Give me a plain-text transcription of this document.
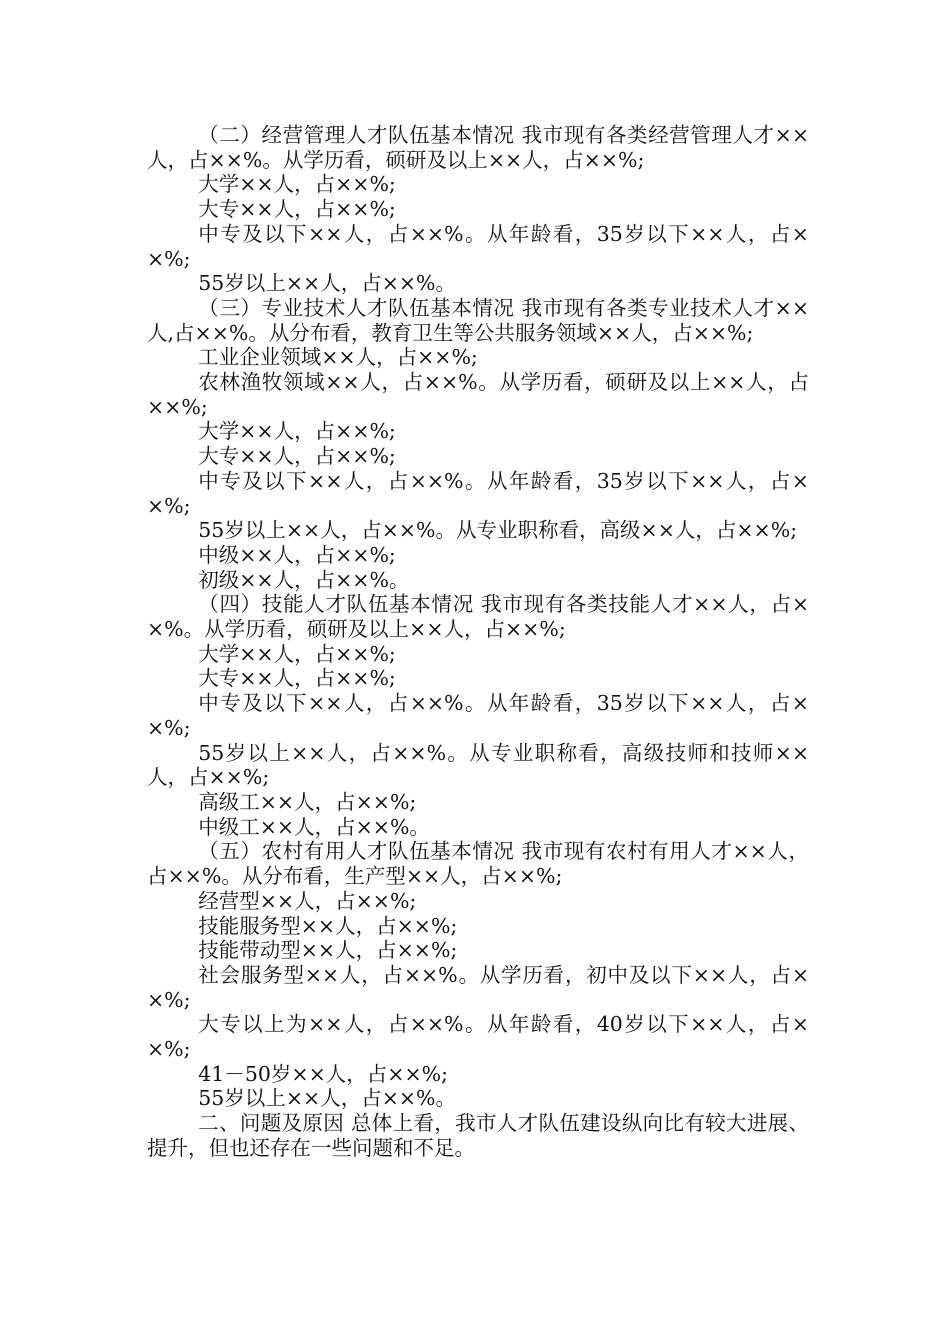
（二）经营管理人才队伍基本情况 我市现有各类经营管理人才××人，占××%。从学历看，硕研及以上××人，占××%;

大学××人，占××%;

大专××人，占××%;

中专及以下××人，占××%。从年龄看，35岁以下××人，占××%;

55岁以上××人，占××%。

（三）专业技术人才队伍基本情况 我市现有各类专业技术人才××人,占××%。从分布看，教育卫生等公共服务领域××人，占××%;

工业企业领域××人，占××%;

农林渔牧领域××人，占××%。从学历看，硕研及以上××人，占××%;

大学××人，占××%;

大专××人，占××%;

中专及以下××人，占××%。从年龄看，35岁以下××人，占××%;

55岁以上××人，占××%。从专业职称看，高级××人，占××%;

中级××人，占××%;

初级××人，占××%。

（四）技能人才队伍基本情况 我市现有各类技能人才××人，占××%。从学历看，硕研及以上××人，占××%;

大学××人，占××%;

大专××人，占××%;

中专及以下××人，占××%。从年龄看，35岁以下××人，占××%;

55岁以上××人，占××%。从专业职称看，高级技师和技师××人，占××%;

高级工××人，占××%;

中级工××人，占××%。

（五）农村有用人才队伍基本情况 我市现有农村有用人才××人，占××%。从分布看，生产型××人，占××%;

经营型××人，占××%;

技能服务型××人，占××%;

技能带动型××人，占××%;

社会服务型××人，占××%。从学历看，初中及以下××人，占××%;

大专以上为××人，占××%。从年龄看，40岁以下××人，占××%;

41－50岁××人，占××%;

55岁以上××人，占××%。

二、问题及原因 总体上看，我市人才队伍建设纵向比有较大进展、提升，但也还存在一些问题和不足。
